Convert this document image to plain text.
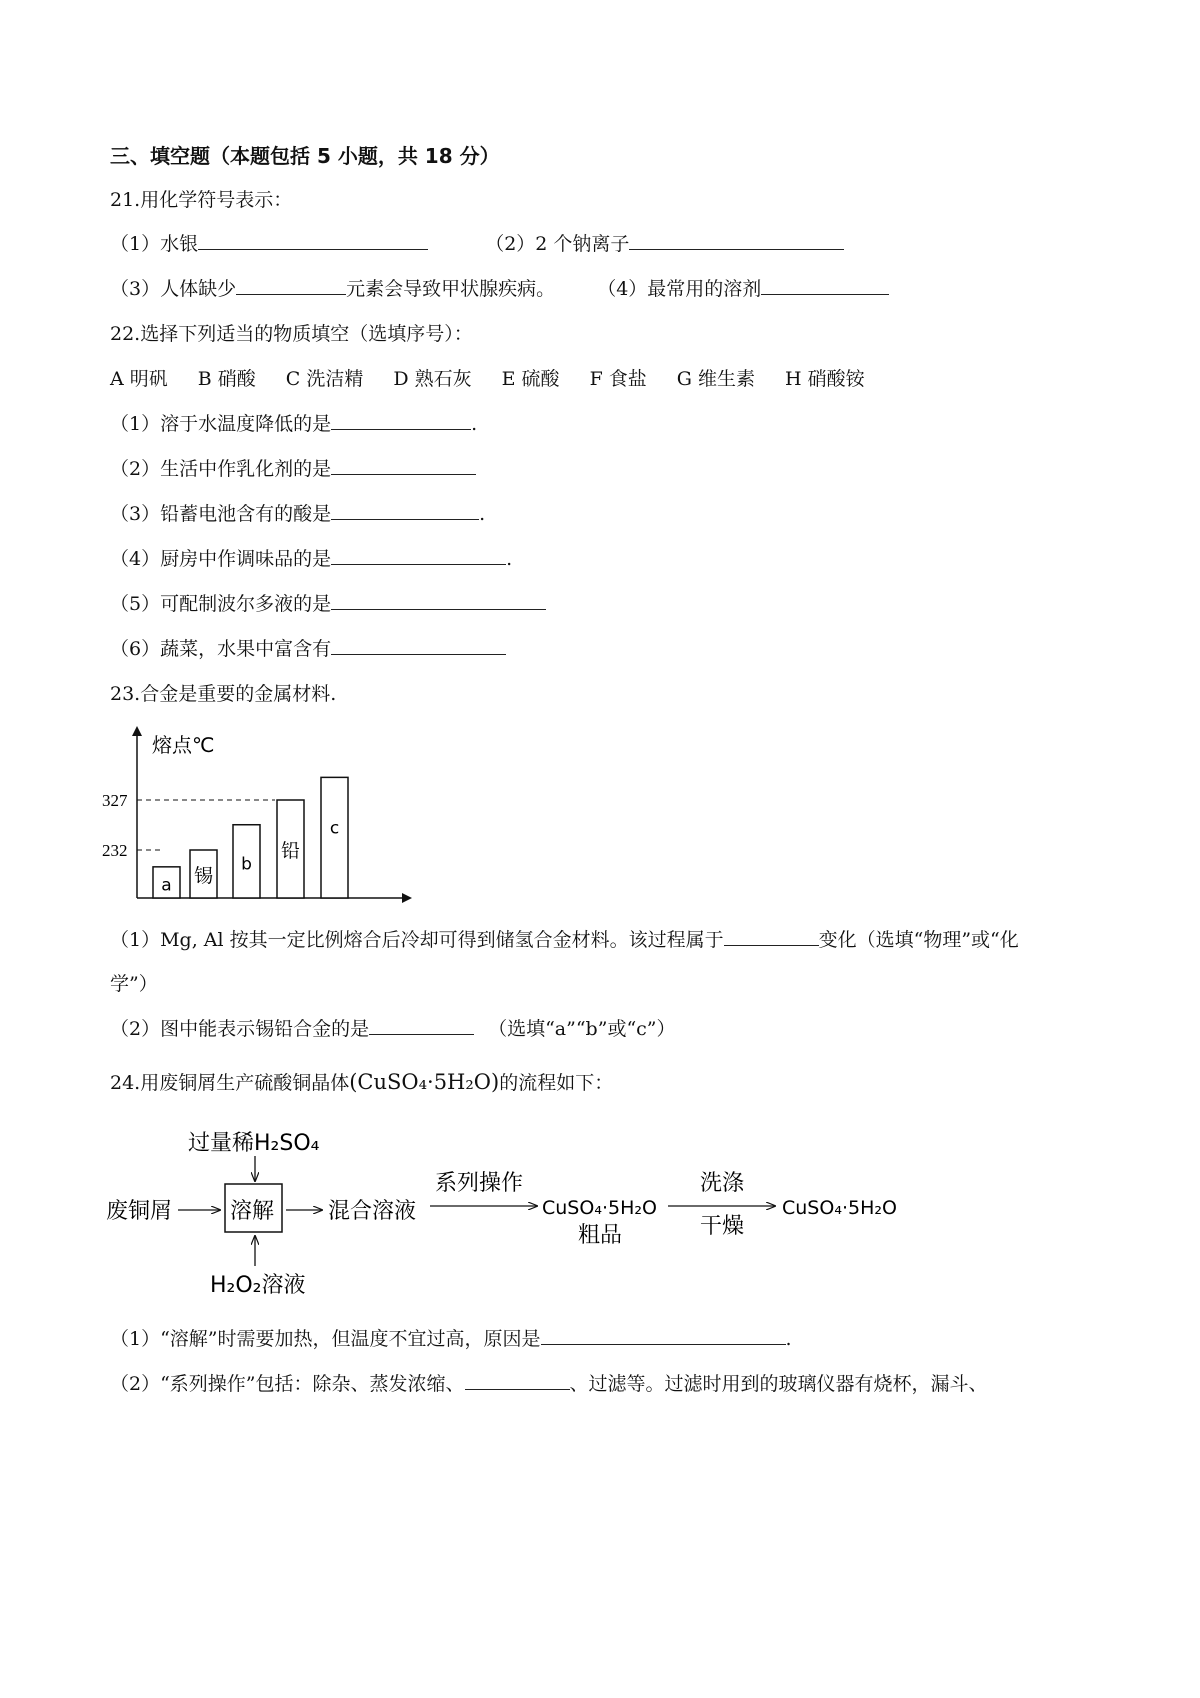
三、填空题（本题包括 5 小题，共 18 分）
21.用化学符号表示：
（1）水银	（2）2 个钠离子
（3）人体缺少	元素会导致甲状腺疾病。 （4）最常用的溶剂
22.选择下列适当的物质填空（选填序号）：
A 明矾 B 硝酸 C 洗洁精 D 熟石灰 E 硫酸 F 食盐 G 维生素 H 硝酸铵
（1）溶于水温度降低的是	.
（2）生活中作乳化剂的是
（3）铅蓄电池含有的酸是	.
（4）厨房中作调味品的是	.
（5）可配制波尔多液的是
（6）蔬菜，水果中富含有
23.合金是重要的金属材料.
熔点℃
327
232
a 锡
b
铅
c
（1）Mg, Al 按其一定比例熔合后冷却可得到储氢合金材料。该过程属于	变化（选填“物理”或“化
学”）
（2）图中能表示锡铅合金的是	（选填“a”“b”或“c”）
24.用废铜屑生产硫酸铜晶体(CuSO₄·5H₂O)的流程如下：
过量稀H₂SO₄
废铜屑	溶解
H₂O₂溶液
混合溶液
系列操作
CuSO₄·5H₂O
粗品
洗涤
干燥
CuSO₄·5H₂O
（1）“溶解”时需要加热，但温度不宜过高，原因是	.
（2）“系列操作”包括：除杂、蒸发浓缩、	、过滤等。过滤时用到的玻璃仪器有烧杯，漏斗、
